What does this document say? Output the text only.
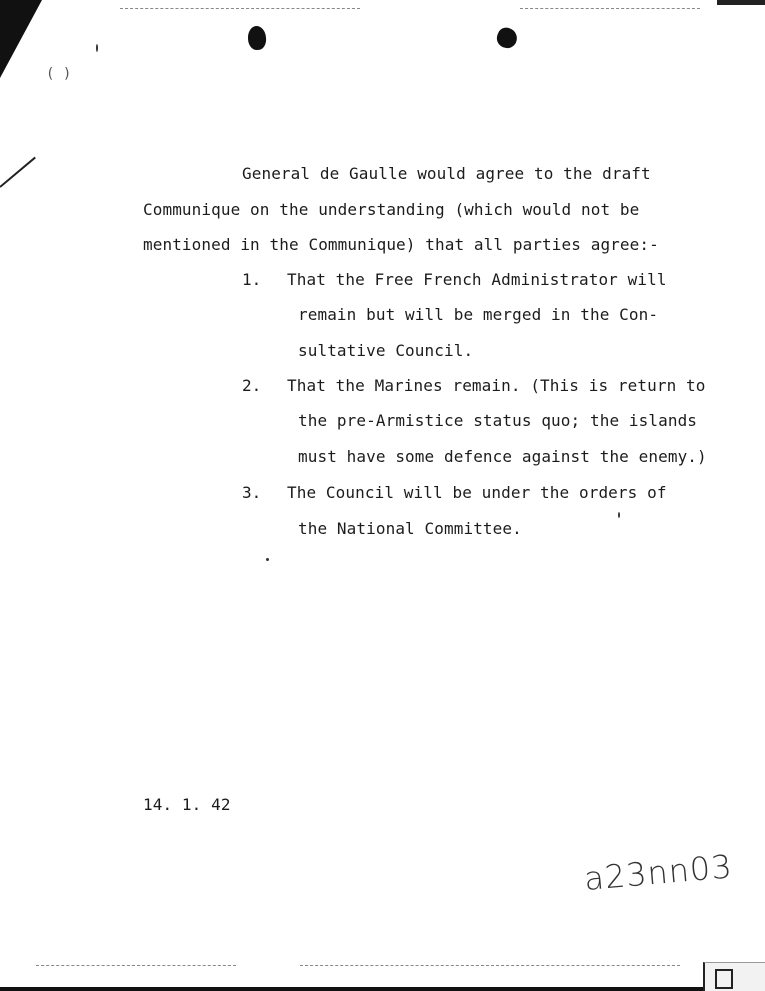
( )
General de Gaulle would agree to the draft
Communique on the understanding (which would not be
mentioned in the Communique) that all parties agree:-
1. That the Free French Administrator will
remain but will be merged in the Con-
sultative Council.
2. That the Marines remain. (This is return to
the pre-Armistice status quo; the islands
must have some defence against the enemy.)
3. The Council will be under the orders of
the National Committee.
14. 1. 42
a23nn03
